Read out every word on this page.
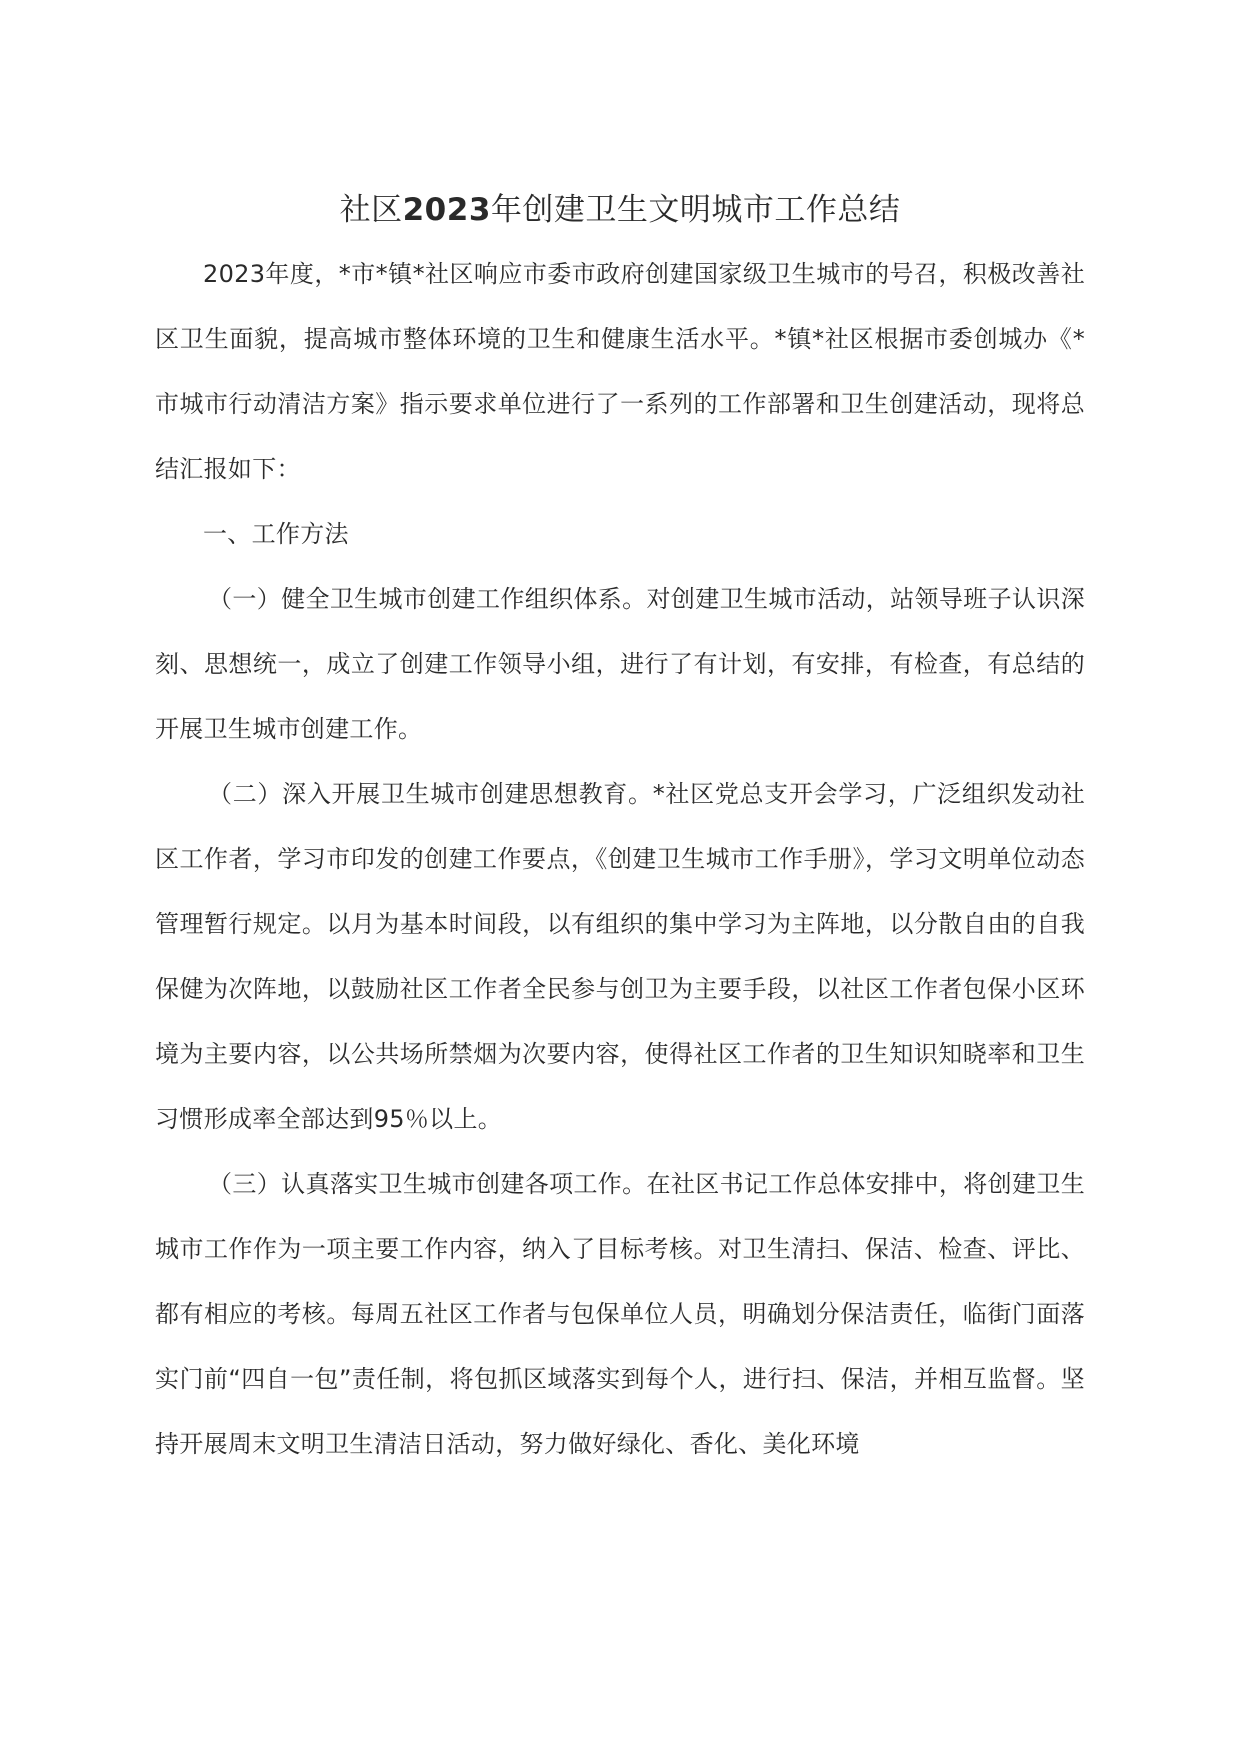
社区2023年创建卫生文明城市工作总结

2023年度，*市*镇*社区响应市委市政府创建国家级卫生城市的号召，积极改善社区卫生面貌，提高城市整体环境的卫生和健康生活水平。*镇*社区根据市委创城办《*市城市行动清洁方案》指示要求单位进行了一系列的工作部署和卫生创建活动，现将总结汇报如下：

一、工作方法

（一）健全卫生城市创建工作组织体系。对创建卫生城市活动，站领导班子认识深刻、思想统一，成立了创建工作领导小组，进行了有计划，有安排，有检查，有总结的开展卫生城市创建工作。

（二）深入开展卫生城市创建思想教育。*社区党总支开会学习，广泛组织发动社区工作者，学习市印发的创建工作要点，《创建卫生城市工作手册》，学习文明单位动态管理暂行规定。以月为基本时间段，以有组织的集中学习为主阵地，以分散自由的自我保健为次阵地，以鼓励社区工作者全民参与创卫为主要手段，以社区工作者包保小区环境为主要内容，以公共场所禁烟为次要内容，使得社区工作者的卫生知识知晓率和卫生习惯形成率全部达到95％以上。

（三）认真落实卫生城市创建各项工作。在社区书记工作总体安排中，将创建卫生城市工作作为一项主要工作内容，纳入了目标考核。对卫生清扫、保洁、检查、评比、都有相应的考核。每周五社区工作者与包保单位人员，明确划分保洁责任，临街门面落实门前“四自一包”责任制，将包抓区域落实到每个人，进行扫、保洁，并相互监督。坚持开展周末文明卫生清洁日活动，努力做好绿化、香化、美化环境
